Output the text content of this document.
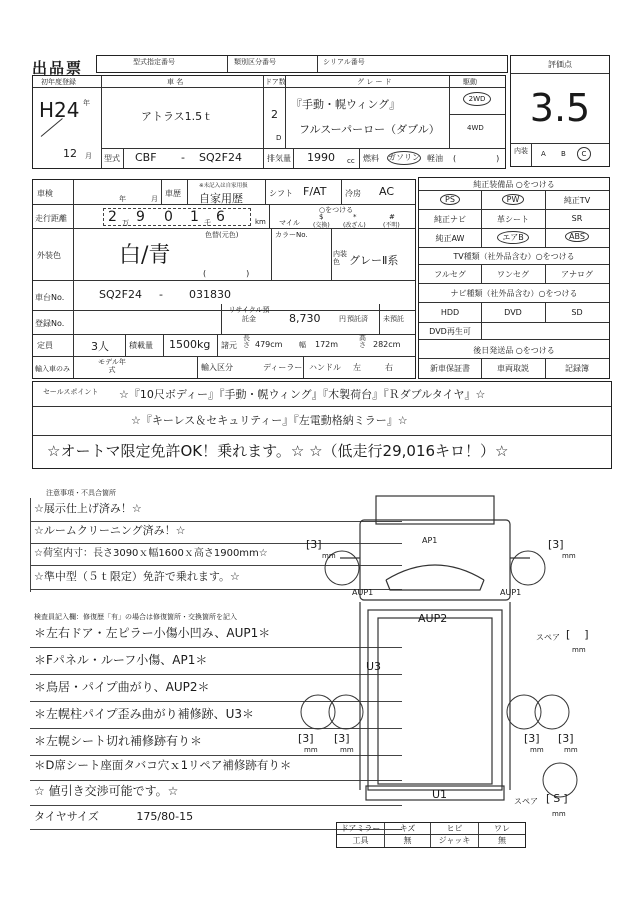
出品票	型式指定番号	類別区分番号	シリアル番号	評価点
3.5
内装 A B	C
初年度登録
H24 年
12 月
車 名
アトラス1.5ｔ
ドア数
2
D
グ レ ー ド
『手動・幌ウィング』
フルスーパーロー（ダブル）
駆動
2WD
4WD
型式 CBF - SQ2F24	排気量 1990 cc 燃料 ガソリン 軽油 (　　　　　)
車検
年	月
車歴
※未記入は自家用扱
自家用歴	シフト F/AT 冷房 AC
走行距離	2 万 9 0 1 千 6	km
○をつける
マイル
$
(交換)
*
(改ざん)
#
(不明)
外装色
色替(元色)
白/青
(　　　　　)
カラーNo.
内装色 グレーⅡ系
車台No.	SQ2F24 - 031830
登録No.
リサイクル預託金	8,730	円 預託済 未預託
定員	3人	積載量 1500kg 諸元
長さ 479cm 幅 172m
高さ 282cm
輸入車のみ
モデル年式	輸入区分	ディーラー ハンドル 左	右
純正装備品 ○をつける
PS	PW	純正TV
純正ナビ	革シート	SR
純正AW	エアB	ABS
TV種類（社外品含む）○をつける
フルセグ	ワンセグ	アナログ
ナビ種類（社外品含む）○をつける
HDD	DVD	SD
DVD再生可
後日発送品 ○をつける
新車保証書	車両取説	記録簿
セールスポイント ☆『10尺ボディー』『手動・幌ウィング』『木製荷台』『Ｒダブルタイヤ』☆
☆『キーレス＆セキュリティー』『左電動格納ミラー』☆
☆オートマ限定免許OK！乗れます。☆ ☆（低走行29,016キロ！）☆
注意事項・不具合箇所
☆展示仕上げ済み！☆
☆ルームクリーニング済み！☆
☆荷室内寸：長さ3090ｘ幅1600ｘ高さ1900mm☆
☆準中型（５ｔ限定）免許で乗れます。☆
検査員記入欄：修復歴「有」の場合は修復箇所・交換箇所を記入
＊左右ドア・左ピラー小傷小凹み、AUP1＊
＊Fパネル・ルーフ小傷、AP1＊
＊鳥居・パイプ曲がり、AUP2＊
＊左幌柱パイプ歪み曲がり補修跡、U3＊
＊左幌シート切れ補修跡有り＊
＊D席シート座面タバコ穴ｘ1リペア補修跡有り＊
☆ 値引き交渉可能です。☆
タイヤサイズ	175/80-15
AP1
AUP1	AUP1
AUP2
U3
U1
[3]
mm
[3]
mm
[3]
mm
[3]
mm
[3]
mm
[3]
mm
スペア [ ]
mm
スペア [ S ]
mm
ドアミラー	キズ	ヒビ	ワレ
工具	無	ジャッキ	無
